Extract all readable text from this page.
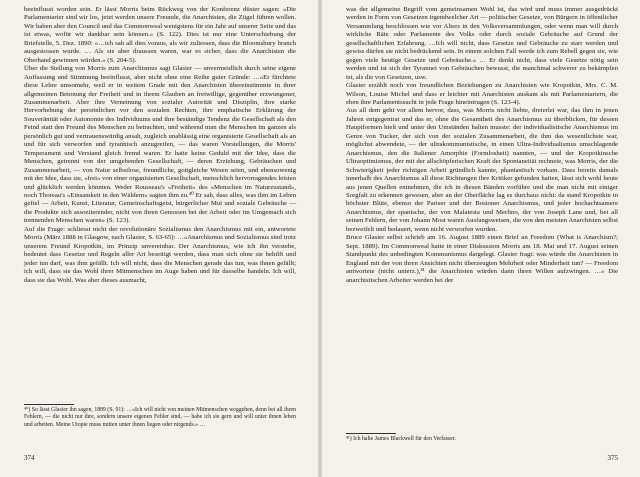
beeinflusst worden sein. Er lässt Morris beim Rückweg von der Konferenz düster sagen: «Die Parlamentarier sind wir los, jetzt werden unsere Freunde, die Anarchisten, die Zügel führen wollen. Wir haben aber den Council und das Commonweal wenigstens für ein Jahr auf unserer Seite und das ist etwas, wofür wir dankbar sein können.» (S. 122). Dies ist nur eine Unterschiebung der Briefstelle, 5. Dez. 1890: «…ich sah all dies voraus, als wir zuliessen, dass die Bloomsbury branch ausgestossen wurde. … Als sie aber draussen waren, war es sicher, dass die Anarchisten die Oberhand gewinnen würden.» (S. 204-5).

Über die Stellung von Morris zum Anarchismus sagt Glasier — unvermeidlich durch seine eigene Auffassung und Stimmung beeinflusst, aber nicht ohne eine Reihe guter Gründe: …«Er fürchtete diese Lehre umsomehr, weil er in weitem Grade mit den Anarchisten übereinstimmte in ihrer allgemeinen Betonung der Freiheit und in ihrem Glauben an freiwillige, gegenüber erzwungener, Zusammenarbeit. Aber ihre Verneinung von sozialer Autorität und Disziplin, ihre starke Hervorhebung der persönlichen vor den sozialen Rechten, ihre emphatische Erklärung der Souveränität oder Autonomie des Individuums und ihre beständige Tendenz die Gesellschaft als den Feind statt den Freund des Menschen zu betrachten, und während man die Menschen im ganzen als persönlich gut und vertrauenswürdig ansah, zugleich unablässig eine organisierte Gesellschaft als an und für sich verworfen und tyrannisch anzugreifen, — das waren Vorstellungen, die Morris' Temperament und Verstand gleich fremd waren. Er hatte keine Geduld mit der Idee, dass die Menschen, getrennt von der umgebenden Gesellschaft, — deren Erziehung, Gebräuchen und Zusammenarbeit, — von Natur selbstlose, freundliche, gottgleiche Wesen seien, und ebensowenig mit der Idee, dass sie, «frei» von einer organisierten Gesellschaft, menschlich hervorragendes leisten und glücklich werden könnten. Weder Rousseau's «Freiheit» des «Menschen im Naturzustand», noch Thoreau's «Einsamkeit in den Wäldern» sagten ihm zu.⁴⁰ Er sah, dass alles, was ihm im Leben gefiel — Arbeit, Kunst, Literatur, Gemeinschaftsgeist, bürgerlicher Mut und soziale Gebräuche — die Produkte sich assoziierender, nicht von ihren Genossen bei der Arbeit oder im Umgemach sich trennenden Menschen waren» (S. 123).

Auf die Frage: schliesst nicht der revolutionäre Sozialismus den Anarchismus mit ein, antwortete Morris (März 1888 in Glasgow, nach Glasier, S. 63-65): …«Anarchismus und Sozialismus sind trotz unserem Freund Kropotkin, im Prinzip unvereinbar. Der Anarchismus, wie ich ihn verstehe, bedeutet dass Gesetze und Regeln aller Art beseitigt werden, dass man sich ohne sie behilft und jeder tun darf, was ihm gefällt. Ich will nicht, dass die Menschen gerade das tun, was ihnen gefällt; ich will, dass sie das Wohl ihrer Mitmenschen im Auge haben und für dasselbe handeln. Ich will, dass sie das Wohl. Was aber dieses ausmacht,

⁴⁰) So lässt Glasier ihn sagen, 1889 (S. 91): …«Ich will nicht von meinen Mitmenschen weggehen, denn bei all ihren Fehlern, — die nicht nur ihre, sondern unsere eigenen Fehler sind, — habe ich sie gern und will unter ihnen leben und arbeiten. Meine Utopie muss mitten unter ihnen liegen oder nirgends.» …
374

was der allgemeine Begriff vom gemeinsamen Wohl ist, das wird und muss immer ausgedrückt werden in Form von Gesetzen irgendwelcher Art — politischer Gesetze, von Bürgern in öffentlicher Versammlung beschlossen wie vor Alters in den Volksversammlungen, oder wenn man will durch wirkliche Räte oder Parlamente des Volks oder durch soziale Gebräuche auf Grund der gesellschaftlichen Erfahrung. …Ich will nicht, dass Gesetze und Gebräuche zu starr werden und gewiss dürfen sie nicht bedrückend sein. In einem solchen Fall werde ich zum Rebell gegen sie, wie gegen viele heutige Gesetze und Gebräuche.» … Er denkt nicht, dass viele Gesetze nötig sein werden und ist sich der Tyrannei von Gebräuchen bewusst, die manchmal schwerer zu bekämpfen ist, als die von Gesetzen, usw.

Glasier erzählt noch von freundlichen Beziehungen zu Anarchisten wie Kropotkin, Mrs. C. M. Wilson, Louise Michel und dass er leichter mit Anarchisten auskam als mit Parlamentariern, die eben ihre Parlamentssucht in jede Frage hineintrugen (S. 123-4).

Aus all dem geht vor allem hervor, dass, was Morris nicht liebte, dreierlei war, das ihm in jenen Jahren entgegentrat und das er, ohne die Gesamtheit des Anarchismus zu überblicken, für dessen Hauptformen hielt und unter den Umständen halten musste: der individualistische Anarchismus im Genre von Tucker, der sich von der sozialen Zusammenarbeit, die ihm das wesentlichste war, möglichst abwendete, — der ultrakommunistische, in einen Ultra-Individualismus umschlagende Anarchismus, den die Italiener Amorphie (Formlosheit) nannten, — und der Kropotkinsche Ultraoptimismus, der mit der allschöpferischen Kraft der Spontaneität rechnete, was Morris, der die Schwierigkeit jeder richtigen Arbeit gründlich kannte, phantastisch vorkam. Dass bereits damals innerhalb des Anarchismus all diese Richtungen ihre Kritiker gefunden hatten, lässt sich wohl heute aus jenen Quellen entnehmen, die ich in diesen Bänden vorführe und die man nicht mit einiger Sorgfalt zu erkennen gewesen, aber an der Oberfläche lag es durchaus nicht: da stand Kropotkin in höchster Blüte, ebenso der Pariser und der Bostoner Anarchismus, und jeder hochachtsamere Anarchismus, der spanische, der von Malatesta und Merlino, der von Joseph Lane und, bei all seinen Fehlern, der von Johann Most waren Ausfangsweisen, die von den meisten Anarchisten selbst bezweifelt und bedauert, wenn nicht verworfen wurden.

Bruce Glasier selbst schrieb am 16. August 1889 einen Brief an Freedom (What is Anarchism?; Sept. 1889). Im Commonweal hatte in einer Diskussion Morris am 18. Mai und 17. August seinen Standpunkt des unbedingten Kommunismus dargelegt. Glasier fragt: was würde die Anarchisten in England mit der von ihren Ansichten nicht überzeugten Mehrheit oder Minderheit tun? — Freedom antwortete (nicht unterz.),⁴¹ die Anarchisten würden dann ihren Willen aufzwingen. …» Die anarchistischen Arbeiter werden bei der

⁴¹) Ich halte James Blackwell für den Verfasser.
375
